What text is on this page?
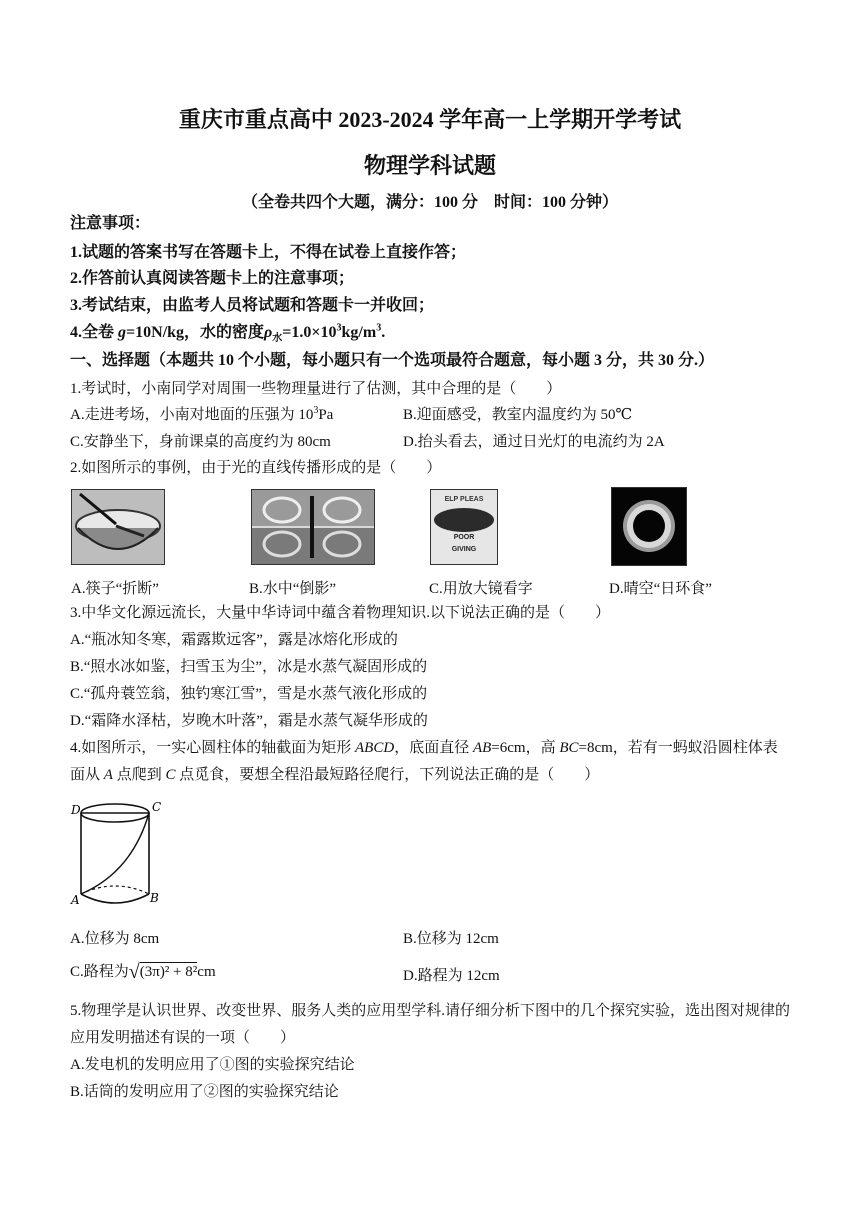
重庆市重点高中 2023-2024 学年高一上学期开学考试
物理学科试题
（全卷共四个大题，满分：100 分　时间：100 分钟）
注意事项：
1.试题的答案书写在答题卡上，不得在试卷上直接作答；
2.作答前认真阅读答题卡上的注意事项；
3.考试结束，由监考人员将试题和答题卡一并收回；
4.全卷 g=10N/kg，水的密度$\rho_水=1.0\times 10^3kg/m^3$.
一、选择题（本题共 10 个小题，每小题只有一个选项最符合题意，每小题 3 分，共 30 分.）
1.考试时，小南同学对周围一些物理量进行了估测，其中合理的是（　　）
A.走进考场，小南对地面的压强为 $10^3Pa$	B.迎面感受，教室内温度约为 50℃
C.安静坐下，身前课桌的高度约为 80cm	D.抬头看去，通过日光灯的电流约为 2A
2.如图所示的事例，由于光的直线传播形成的是（　　）
ELP PLEAS
POOR
GIVING
A.筷子“折断”	B.水中“倒影”	C.用放大镜看字	D.晴空“日环食”
3.中华文化源远流长，大量中华诗词中蕴含着物理知识.以下说法正确的是（　　）
A.“瓶冰知冬寒，霜露欺远客”，露是冰熔化形成的
B.“照水冰如鉴，扫雪玉为尘”，冰是水蒸气凝固形成的
C.“孤舟蓑笠翁，独钓寒江雪”，雪是水蒸气液化形成的
D.“霜降水泽枯，岁晚木叶落”，霜是水蒸气凝华形成的
4.如图所示，一实心圆柱体的轴截面为矩形 ABCD，底面直径 AB=6cm，高 BC=8cm，若有一蚂蚁沿圆柱体表
面从 A 点爬到 C 点觅食，要想全程沿最短路径爬行，下列说法正确的是（　　）
D	C
A	B
A.位移为 8cm	B.位移为 12cm
C.路程为√(3π)² + 8²cm	D.路程为 12cm
5.物理学是认识世界、改变世界、服务人类的应用型学科.请仔细分析下图中的几个探究实验，选出图对规律的
应用发明描述有误的一项（　　）
A.发电机的发明应用了①图的实验探究结论
B.话筒的发明应用了②图的实验探究结论
